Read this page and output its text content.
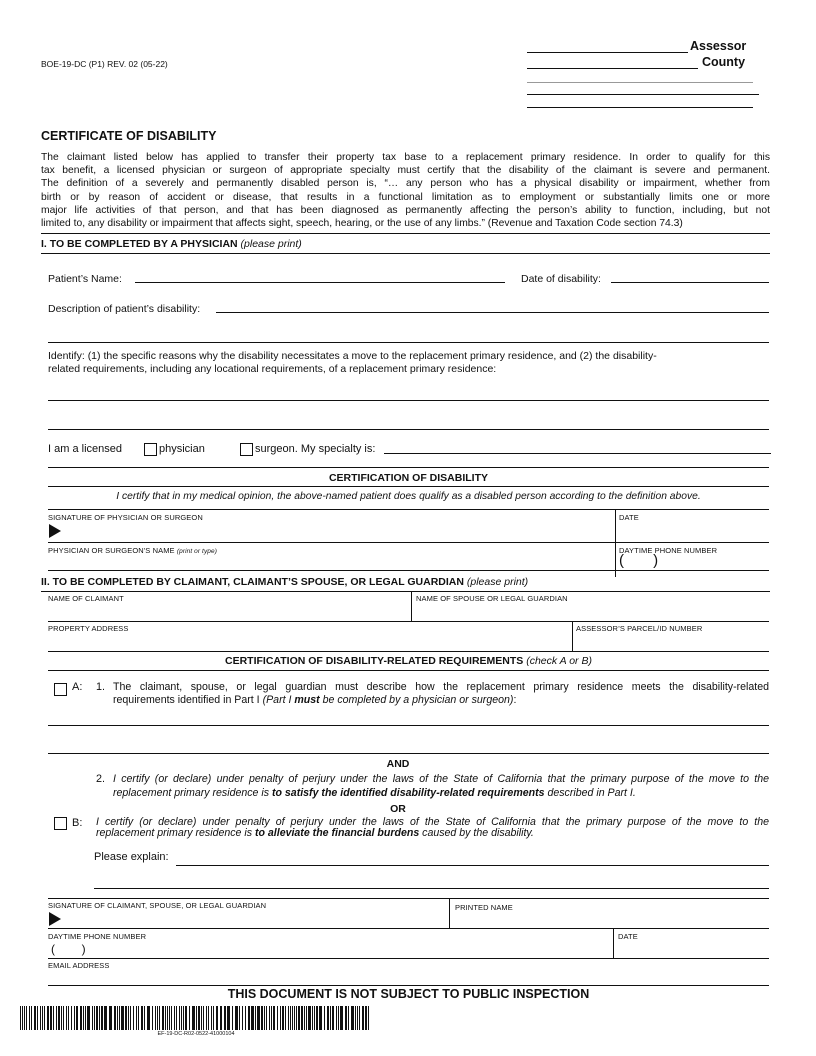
BOE-19-DC (P1) REV. 02 (05-22)
Assessor
County
CERTIFICATE OF DISABILITY
The claimant listed below has applied to transfer their property tax base to a replacement primary residence. In order to qualify for this
tax benefit, a licensed physician or surgeon of appropriate specialty must certify that the disability of the claimant is severe and permanent.
The definition of a severely and permanently disabled person is, “… any person who has a physical disability or impairment, whether from
birth or by reason of accident or disease, that results in a functional limitation as to employment or substantially limits one or more
major life activities of that person, and that has been diagnosed as permanently affecting the person’s ability to function, including, but not
limited to, any disability or impairment that affects sight, speech, hearing, or the use of any limbs.” (Revenue and Taxation Code section 74.3)
I. TO BE COMPLETED BY A PHYSICIAN (please print)
Patient’s Name:	Date of disability:
Description of patient’s disability:
Identify: (1) the specific reasons why the disability necessitates a move to the replacement primary residence, and (2) the disability-
related requirements, including any locational requirements, of a replacement primary residence:
I am a licensed	physician	surgeon. My specialty is:
CERTIFICATION OF DISABILITY
I certify that in my medical opinion, the above-named patient does qualify as a disabled person according to the definition above.
SIGNATURE OF PHYSICIAN OR SURGEON	DATE
PHYSICIAN OR SURGEON'S NAME (print or type)	DAYTIME PHONE NUMBER
(       )
II. TO BE COMPLETED BY CLAIMANT, CLAIMANT’S SPOUSE, OR LEGAL GUARDIAN (please print)
NAME OF CLAIMANT	NAME OF SPOUSE OR LEGAL GUARDIAN
PROPERTY ADDRESS	ASSESSOR’S PARCEL/ID NUMBER
CERTIFICATION OF DISABILITY-RELATED REQUIREMENTS (check A or B)
A: 1. The claimant, spouse, or legal guardian must describe how the replacement primary residence meets the disability-related
requirements identified in Part I (Part I must be completed by a physician or surgeon):
AND
2. I certify (or declare) under penalty of perjury under the laws of the State of California that the primary purpose of the move to the
replacement primary residence is to satisfy the identified disability-related requirements described in Part I.
OR
B: I certify (or declare) under penalty of perjury under the laws of the State of California that the primary purpose of the move to the
replacement primary residence is to alleviate the financial burdens caused by the disability.
Please explain:
SIGNATURE OF CLAIMANT, SPOUSE, OR LEGAL GUARDIAN	PRINTED NAME
DAYTIME PHONE NUMBER
(        )
DATE
EMAIL ADDRESS
THIS DOCUMENT IS NOT SUBJECT TO PUBLIC INSPECTION
EF-19-DC-R02-0522-41000104
